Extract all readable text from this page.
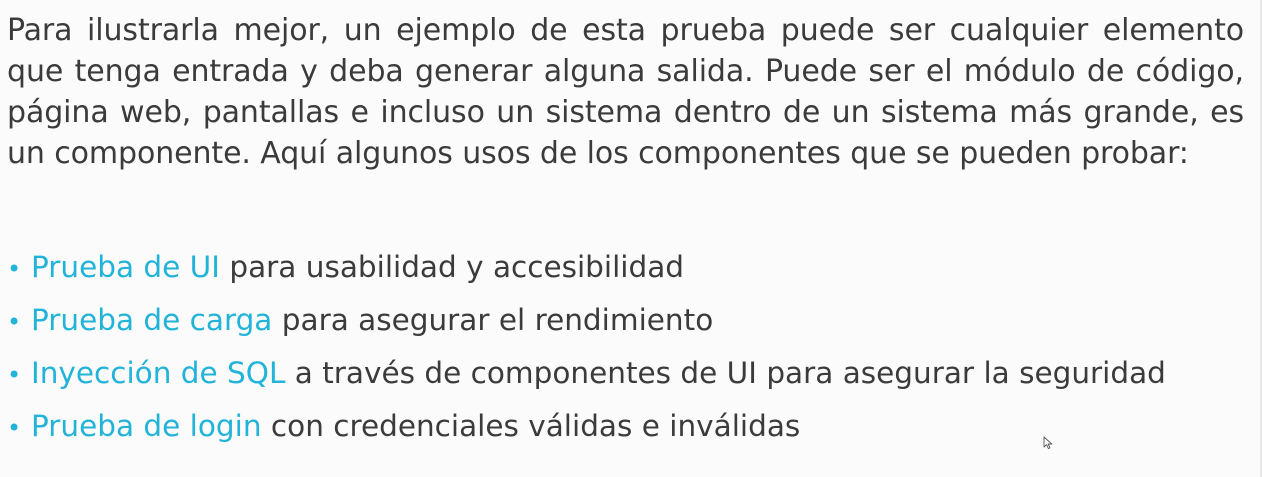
Para ilustrarla mejor, un ejemplo de esta prueba puede ser cualquier elemento que tenga entrada y deba generar alguna salida. Puede ser el módulo de código, página web, pantallas e incluso un sistema dentro de un sistema más grande, es un componente. Aquí algunos usos de los componentes que se pueden probar:

• Prueba de UI para usabilidad y accesibilidad
• Prueba de carga para asegurar el rendimiento
• Inyección de SQL a través de componentes de UI para asegurar la seguridad
• Prueba de login con credenciales válidas e inválidas
